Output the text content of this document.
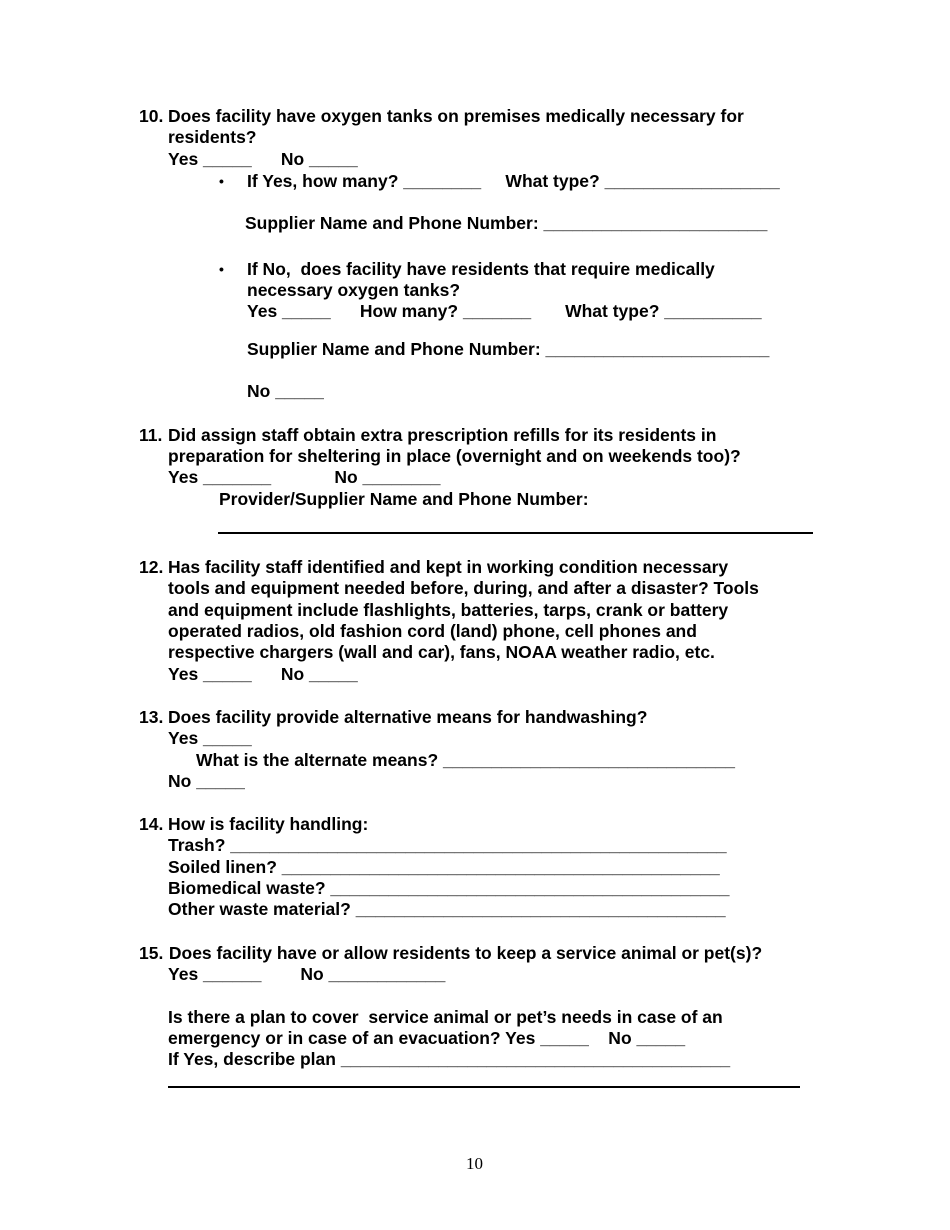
10. Does facility have oxygen tanks on premises medically necessary for
residents?
Yes _____      No _____
• If Yes, how many? ________     What type? __________________
Supplier Name and Phone Number: _______________________
• If No,  does facility have residents that require medically
necessary oxygen tanks?
Yes _____      How many? _______       What type? __________
Supplier Name and Phone Number: _______________________
No _____
11. Did assign staff obtain extra prescription refills for its residents in
preparation for sheltering in place (overnight and on weekends too)?
Yes _______             No ________
Provider/Supplier Name and Phone Number:
12. Has facility staff identified and kept in working condition necessary
tools and equipment needed before, during, and after a disaster? Tools
and equipment include flashlights, batteries, tarps, crank or battery
operated radios, old fashion cord (land) phone, cell phones and
respective chargers (wall and car), fans, NOAA weather radio, etc.
Yes _____      No _____
13. Does facility provide alternative means for handwashing?
Yes _____
What is the alternate means? ______________________________
No _____
14. How is facility handling:
Trash? ___________________________________________________
Soiled linen? _____________________________________________
Biomedical waste? _________________________________________
Other waste material? ______________________________________
15. Does facility have or allow residents to keep a service animal or pet(s)?
Yes ______        No ____________
Is there a plan to cover  service animal or pet’s needs in case of an
emergency or in case of an evacuation? Yes _____    No _____
If Yes, describe plan ________________________________________
10
